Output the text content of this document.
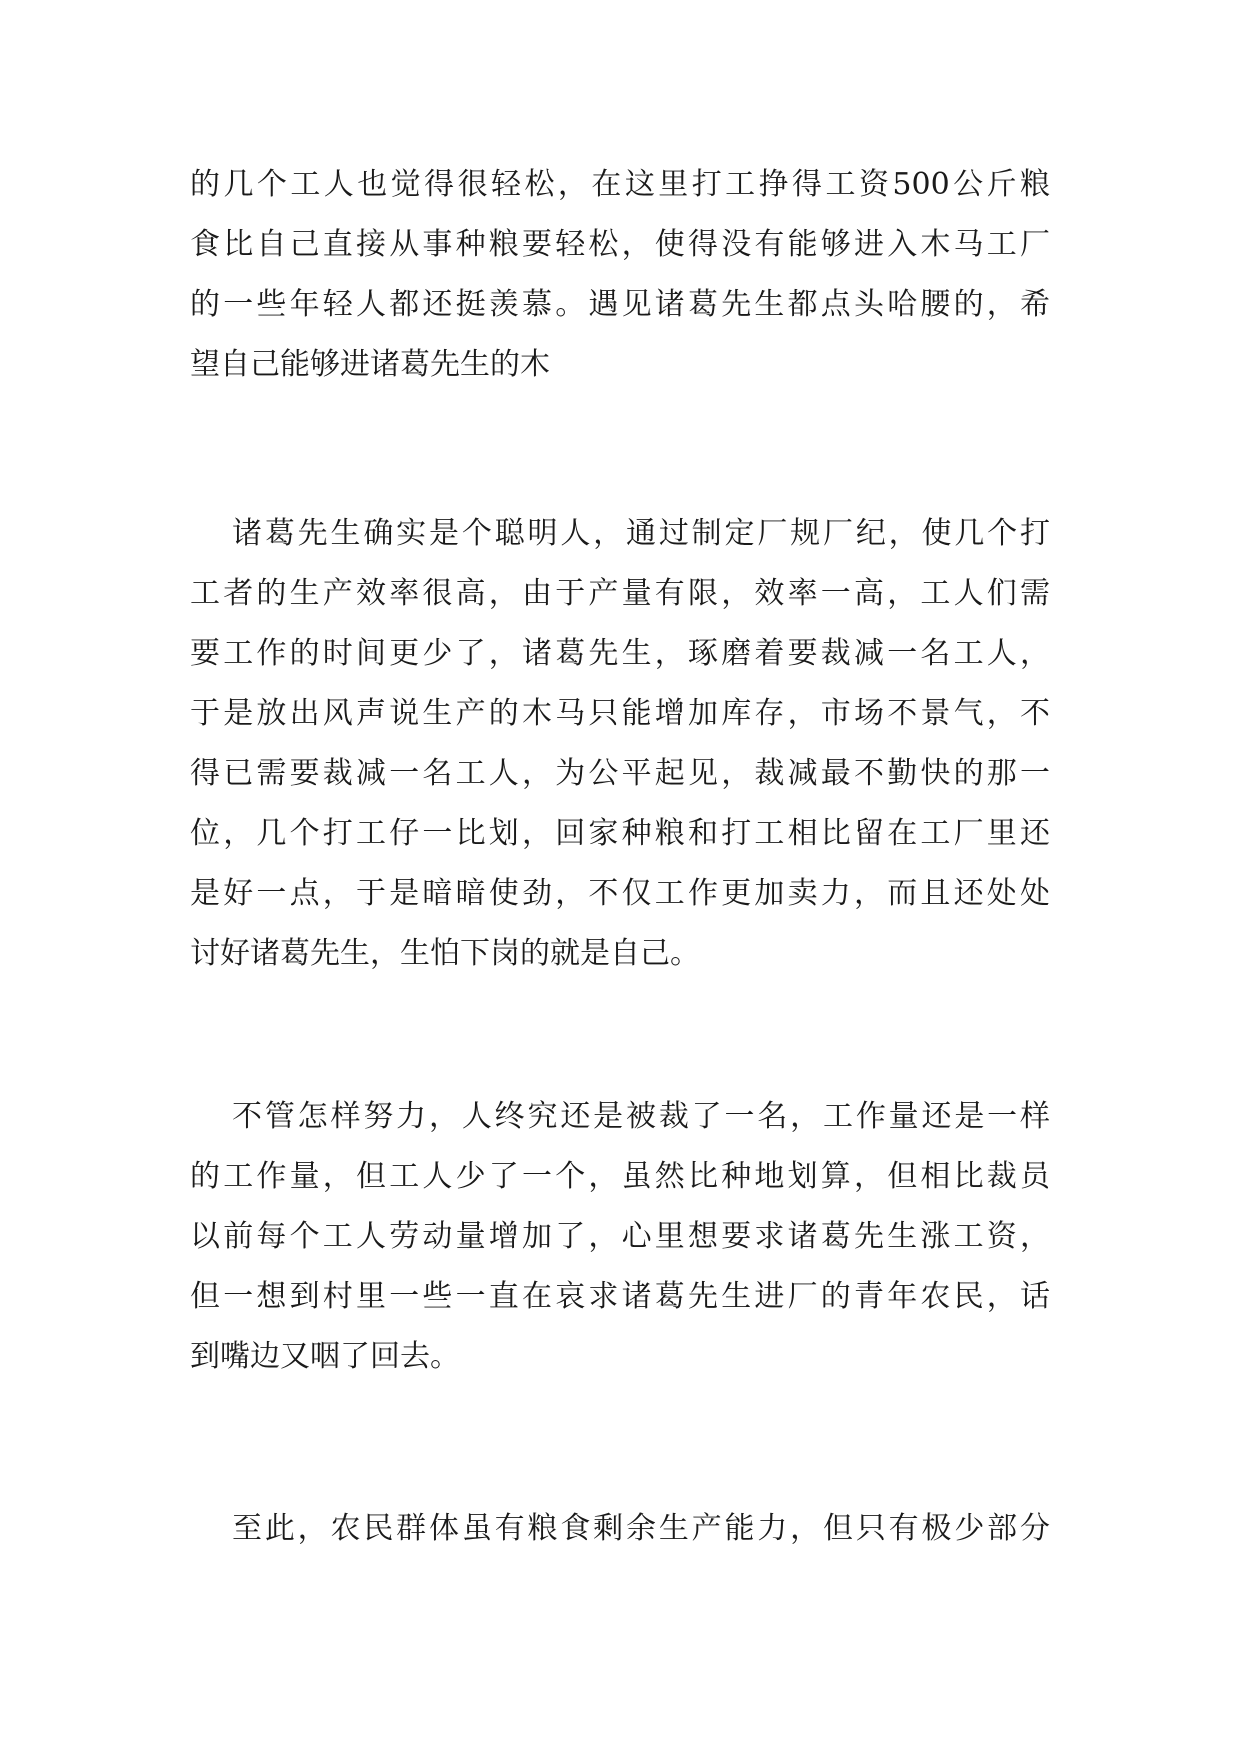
的几个工人也觉得很轻松，在这里打工挣得工资500公斤粮
食比自己直接从事种粮要轻松，使得没有能够进入木马工厂
的一些年轻人都还挺羡慕。遇见诸葛先生都点头哈腰的，希
望自己能够进诸葛先生的木
诸葛先生确实是个聪明人，通过制定厂规厂纪，使几个打
工者的生产效率很高，由于产量有限，效率一高，工人们需
要工作的时间更少了，诸葛先生，琢磨着要裁减一名工人，
于是放出风声说生产的木马只能增加库存，市场不景气，不
得已需要裁减一名工人，为公平起见，裁减最不勤快的那一
位，几个打工仔一比划，回家种粮和打工相比留在工厂里还
是好一点，于是暗暗使劲，不仅工作更加卖力，而且还处处
讨好诸葛先生，生怕下岗的就是自己。
不管怎样努力，人终究还是被裁了一名，工作量还是一样
的工作量，但工人少了一个，虽然比种地划算，但相比裁员
以前每个工人劳动量增加了，心里想要求诸葛先生涨工资，
但一想到村里一些一直在哀求诸葛先生进厂的青年农民，话
到嘴边又咽了回去。
至此，农民群体虽有粮食剩余生产能力，但只有极少部分
